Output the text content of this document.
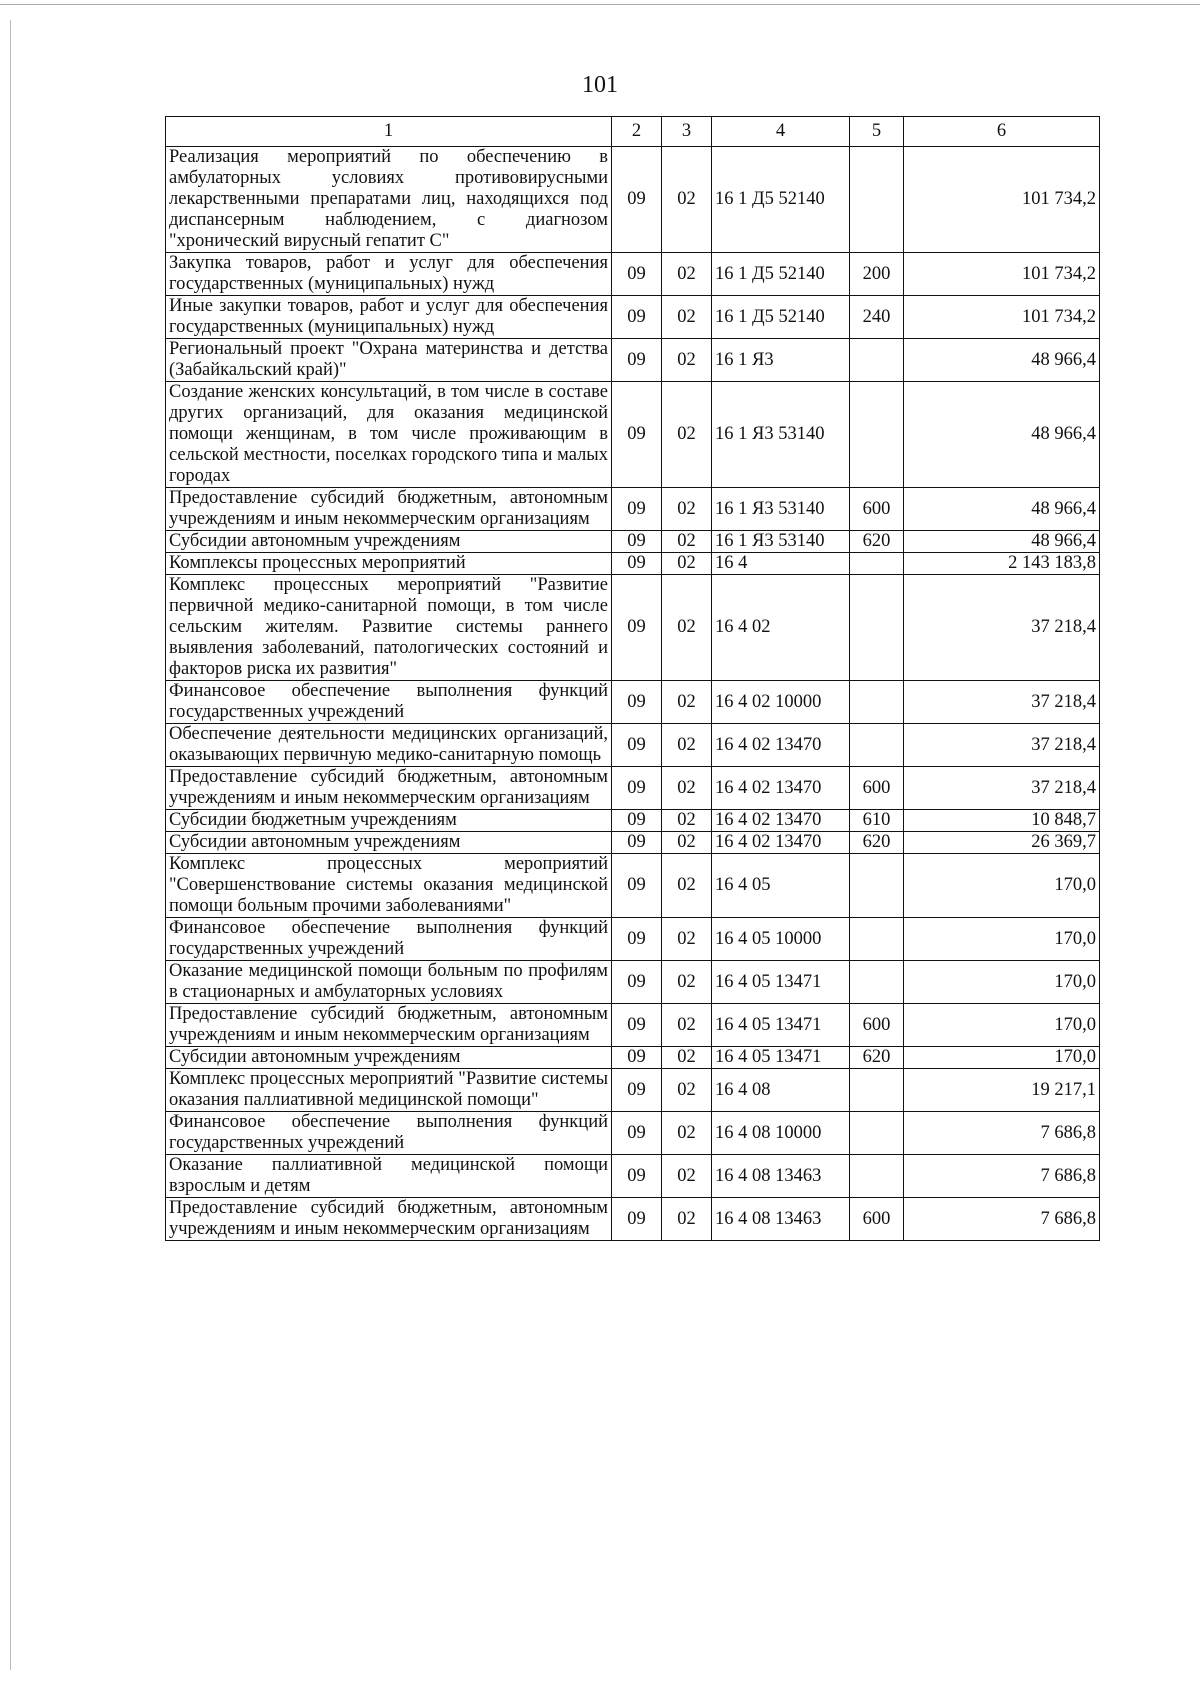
101
1	2	3	4	5	6
Реализация мероприятий по обеспечению в амбулаторных условиях противовирусными лекарственными препаратами лиц, находящихся под диспансерным наблюдением, с диагнозом "хронический вирусный гепатит С"	09	02	16 1 Д5 52140		101 734,2
Закупка товаров, работ и услуг для обеспечения государственных (муниципальных) нужд	09	02	16 1 Д5 52140	200	101 734,2
Иные закупки товаров, работ и услуг для обеспечения государственных (муниципальных) нужд	09	02	16 1 Д5 52140	240	101 734,2
Региональный проект "Охрана материнства и детства (Забайкальский край)"	09	02	16 1 Я3		48 966,4
Создание женских консультаций, в том числе в составе других организаций, для оказания медицинской помощи женщинам, в том числе проживающим в сельской местности, поселках городского типа и малых городах	09	02	16 1 Я3 53140		48 966,4
Предоставление субсидий бюджетным, автономным учреждениям и иным некоммерческим организациям	09	02	16 1 Я3 53140	600	48 966,4
Субсидии автономным учреждениям	09	02	16 1 Я3 53140	620	48 966,4
Комплексы процессных мероприятий	09	02	16 4		2 143 183,8
Комплекс процессных мероприятий "Развитие первичной медико-санитарной помощи, в том числе сельским жителям. Развитие системы раннего выявления заболеваний, патологических состояний и факторов риска их развития"	09	02	16 4 02		37 218,4
Финансовое обеспечение выполнения функций государственных учреждений	09	02	16 4 02 10000		37 218,4
Обеспечение деятельности медицинских организаций, оказывающих первичную медико-санитарную помощь	09	02	16 4 02 13470		37 218,4
Предоставление субсидий бюджетным, автономным учреждениям и иным некоммерческим организациям	09	02	16 4 02 13470	600	37 218,4
Субсидии бюджетным учреждениям	09	02	16 4 02 13470	610	10 848,7
Субсидии автономным учреждениям	09	02	16 4 02 13470	620	26 369,7
Комплекс процессных мероприятий "Совершенствование системы оказания медицинской помощи больным прочими заболеваниями"	09	02	16 4 05		170,0
Финансовое обеспечение выполнения функций государственных учреждений	09	02	16 4 05 10000		170,0
Оказание медицинской помощи больным по профилям в стационарных и амбулаторных условиях	09	02	16 4 05 13471		170,0
Предоставление субсидий бюджетным, автономным учреждениям и иным некоммерческим организациям	09	02	16 4 05 13471	600	170,0
Субсидии автономным учреждениям	09	02	16 4 05 13471	620	170,0
Комплекс процессных мероприятий "Развитие системы оказания паллиативной медицинской помощи"	09	02	16 4 08		19 217,1
Финансовое обеспечение выполнения функций государственных учреждений	09	02	16 4 08 10000		7 686,8
Оказание паллиативной медицинской помощи взрослым и детям	09	02	16 4 08 13463		7 686,8
Предоставление субсидий бюджетным, автономным учреждениям и иным некоммерческим организациям	09	02	16 4 08 13463	600	7 686,8
